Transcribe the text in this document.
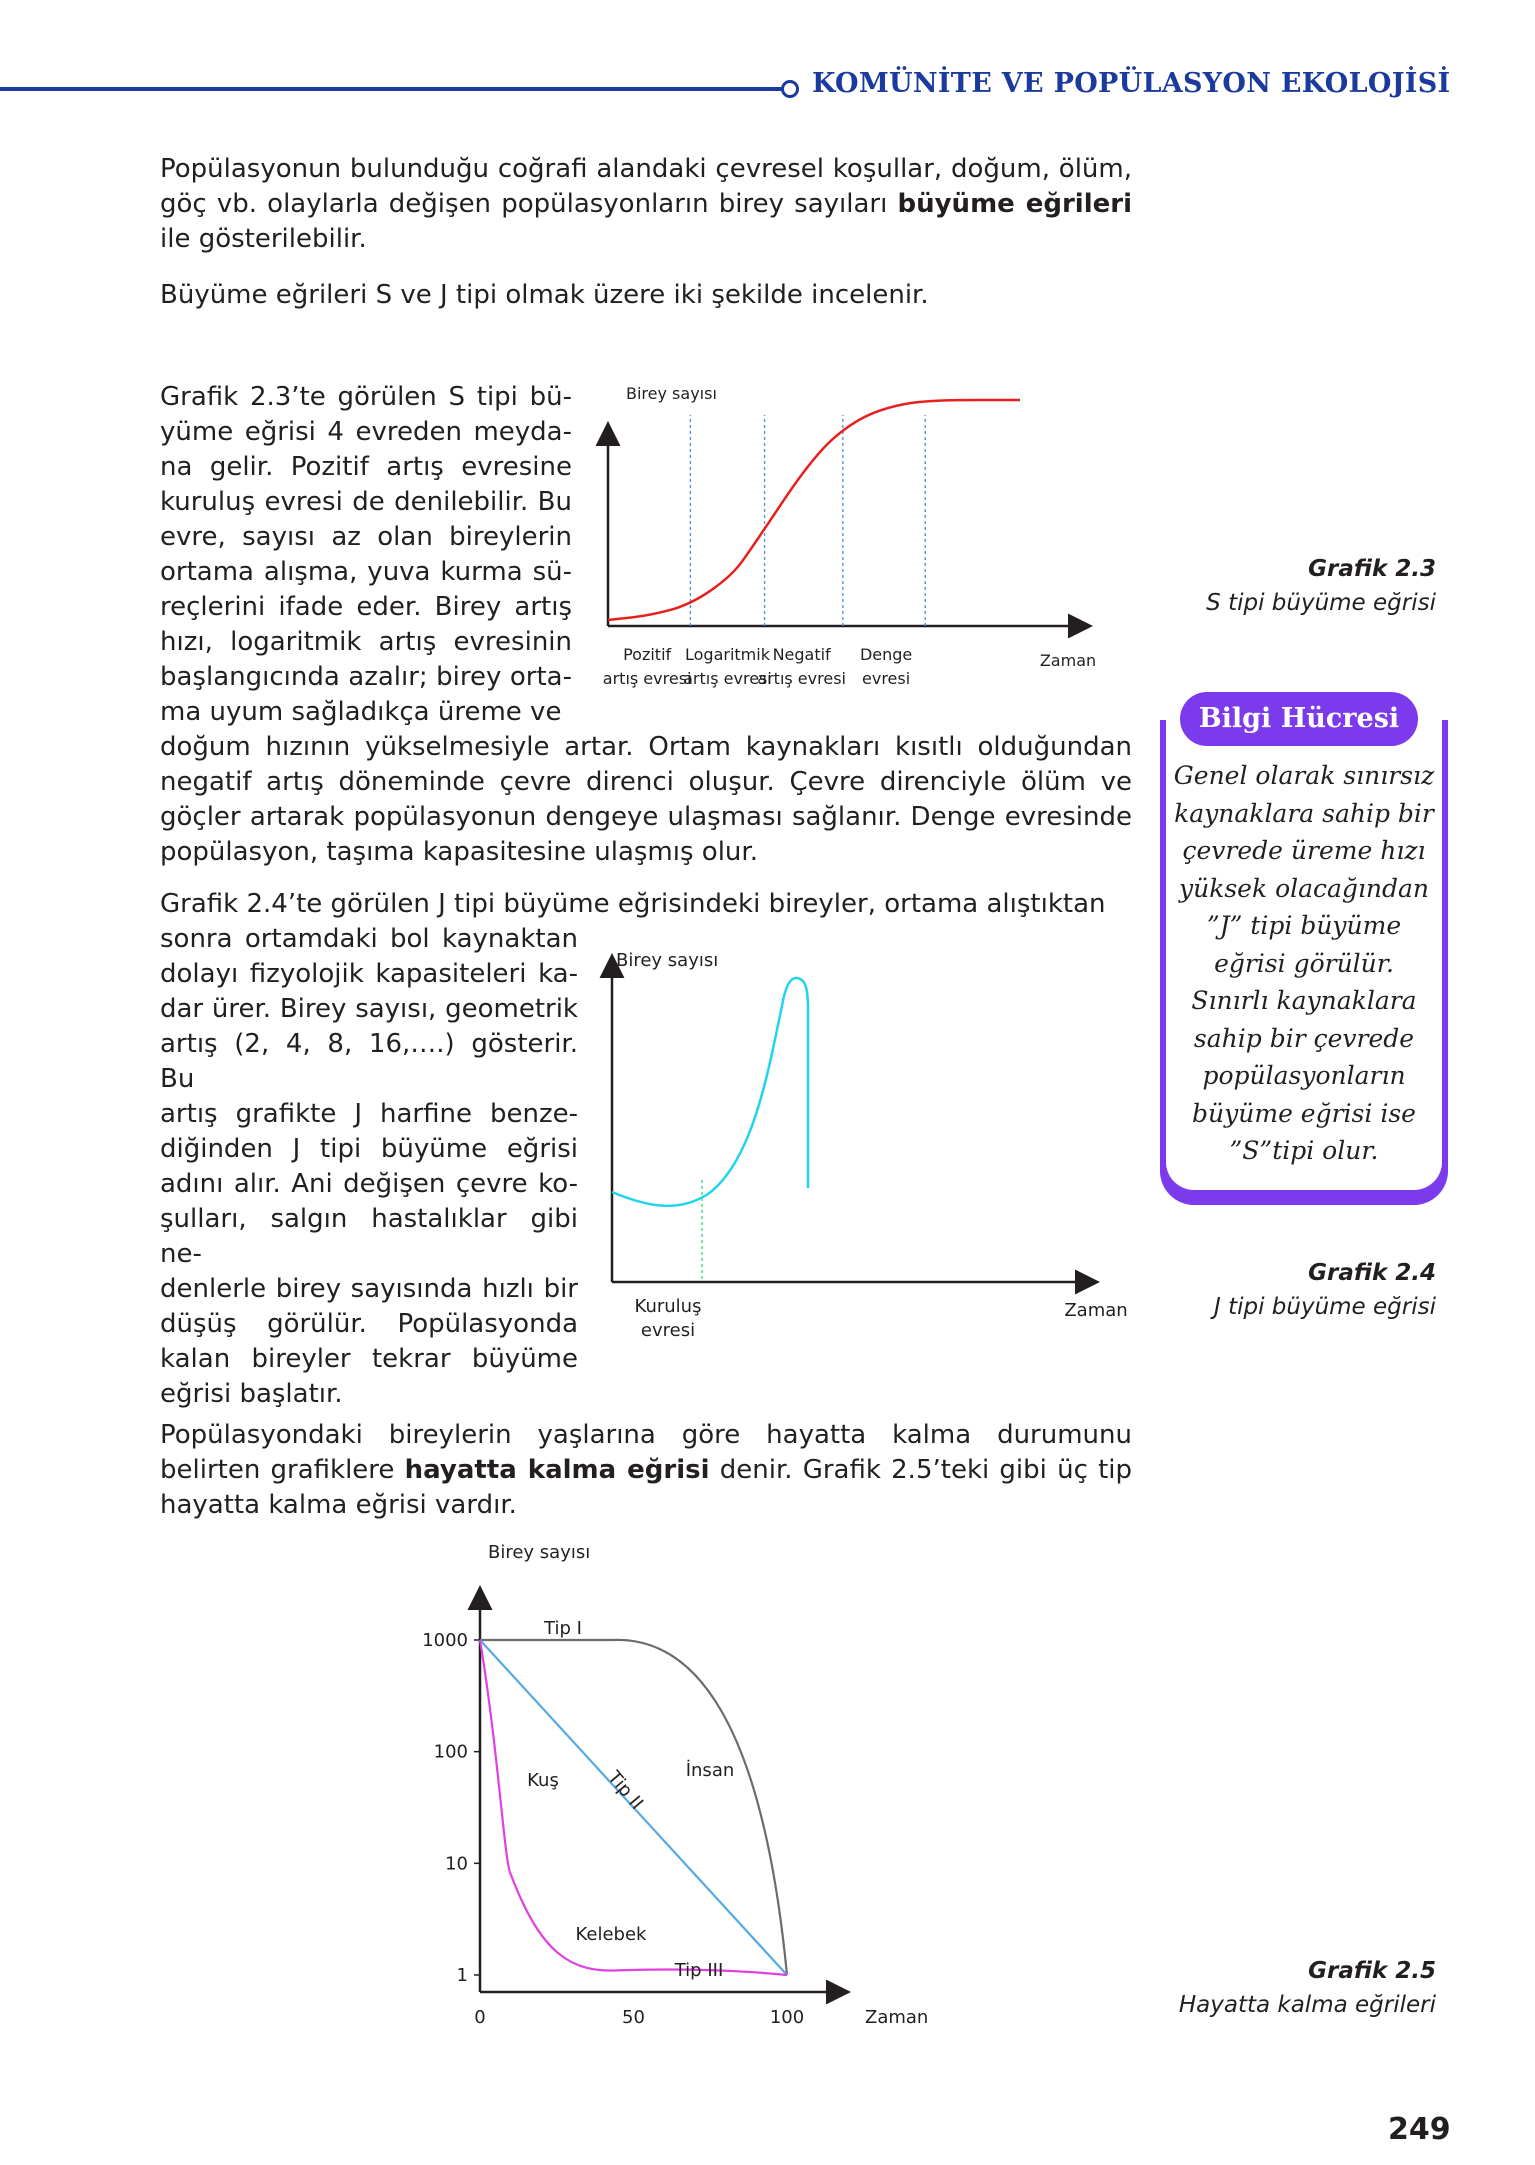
KOMÜNİTE VE POPÜLASYON EKOLOJİSİ
Popülasyonun bulunduğu coğrafi alandaki çevresel koşullar, doğum, ölüm, göç vb. olaylarla değişen popülasyonların birey sayıları büyüme eğrileri ile gösterilebilir.
Büyüme eğrileri S ve J tipi olmak üzere iki şekilde incelenir.
Grafik 2.3’te görülen S tipi bü-
yüme eğrisi 4 evreden meyda-
na gelir. Pozitif artış evresine
kuruluş evresi de denilebilir. Bu
evre, sayısı az olan bireylerin
ortama alışma, yuva kurma sü-
reçlerini ifade eder. Birey artış
hızı, logaritmik artış evresinin
başlangıcında azalır; birey orta-
ma uyum sağladıkça üreme ve
doğum hızının yükselmesiyle artar. Ortam kaynakları kısıtlı olduğundan negatif artış döneminde çevre direnci oluşur. Çevre direnciyle ölüm ve göçler artarak popülasyonun dengeye ulaşması sağlanır. Denge evresinde popülasyon, taşıma kapasitesine ulaşmış olur.
Birey sayısı
Pozitif
artış evresi
Logaritmik
artış evresi
Negatif
artış evresi
Denge
evresi
Zaman
Grafik 2.4’te görülen J tipi büyüme eğrisindeki bireyler, ortama alıştıktan
sonra ortamdaki bol kaynaktan
dolayı fizyolojik kapasiteleri ka-
dar ürer. Birey sayısı, geometrik
artış (2, 4, 8, 16,….) gösterir. Bu
artış grafikte J harfine benze-
diğinden J tipi büyüme eğrisi
adını alır. Ani değişen çevre ko-
şulları, salgın hastalıklar gibi ne-
denlerle birey sayısında hızlı bir
düşüş görülür. Popülasyonda
kalan bireyler tekrar büyüme
eğrisi başlatır.
Birey sayısı
Kuruluş
evresi
Zaman
Popülasyondaki bireylerin yaşlarına göre hayatta kalma durumunu belirten grafiklere hayatta kalma eğrisi denir. Grafik 2.5’teki gibi üç tip hayatta kalma eğrisi vardır.
Birey sayısı
1
10
100
1000
0	50	100
Tip I
İnsan
Tip II
Kuş
Kelebek
Tip III
Zaman
Grafik 2.3
S tipi büyüme eğrisi
Grafik 2.4
J tipi büyüme eğrisi
Grafik 2.5
Hayatta kalma eğrileri
Bilgi Hücresi
Genel olarak sınırsız
kaynaklara sahip bir
çevrede üreme hızı
yüksek olacağından
”J” tipi büyüme
eğrisi görülür.
Sınırlı kaynaklara
sahip bir çevrede
popülasyonların
büyüme eğrisi ise
”S”tipi olur.
249
